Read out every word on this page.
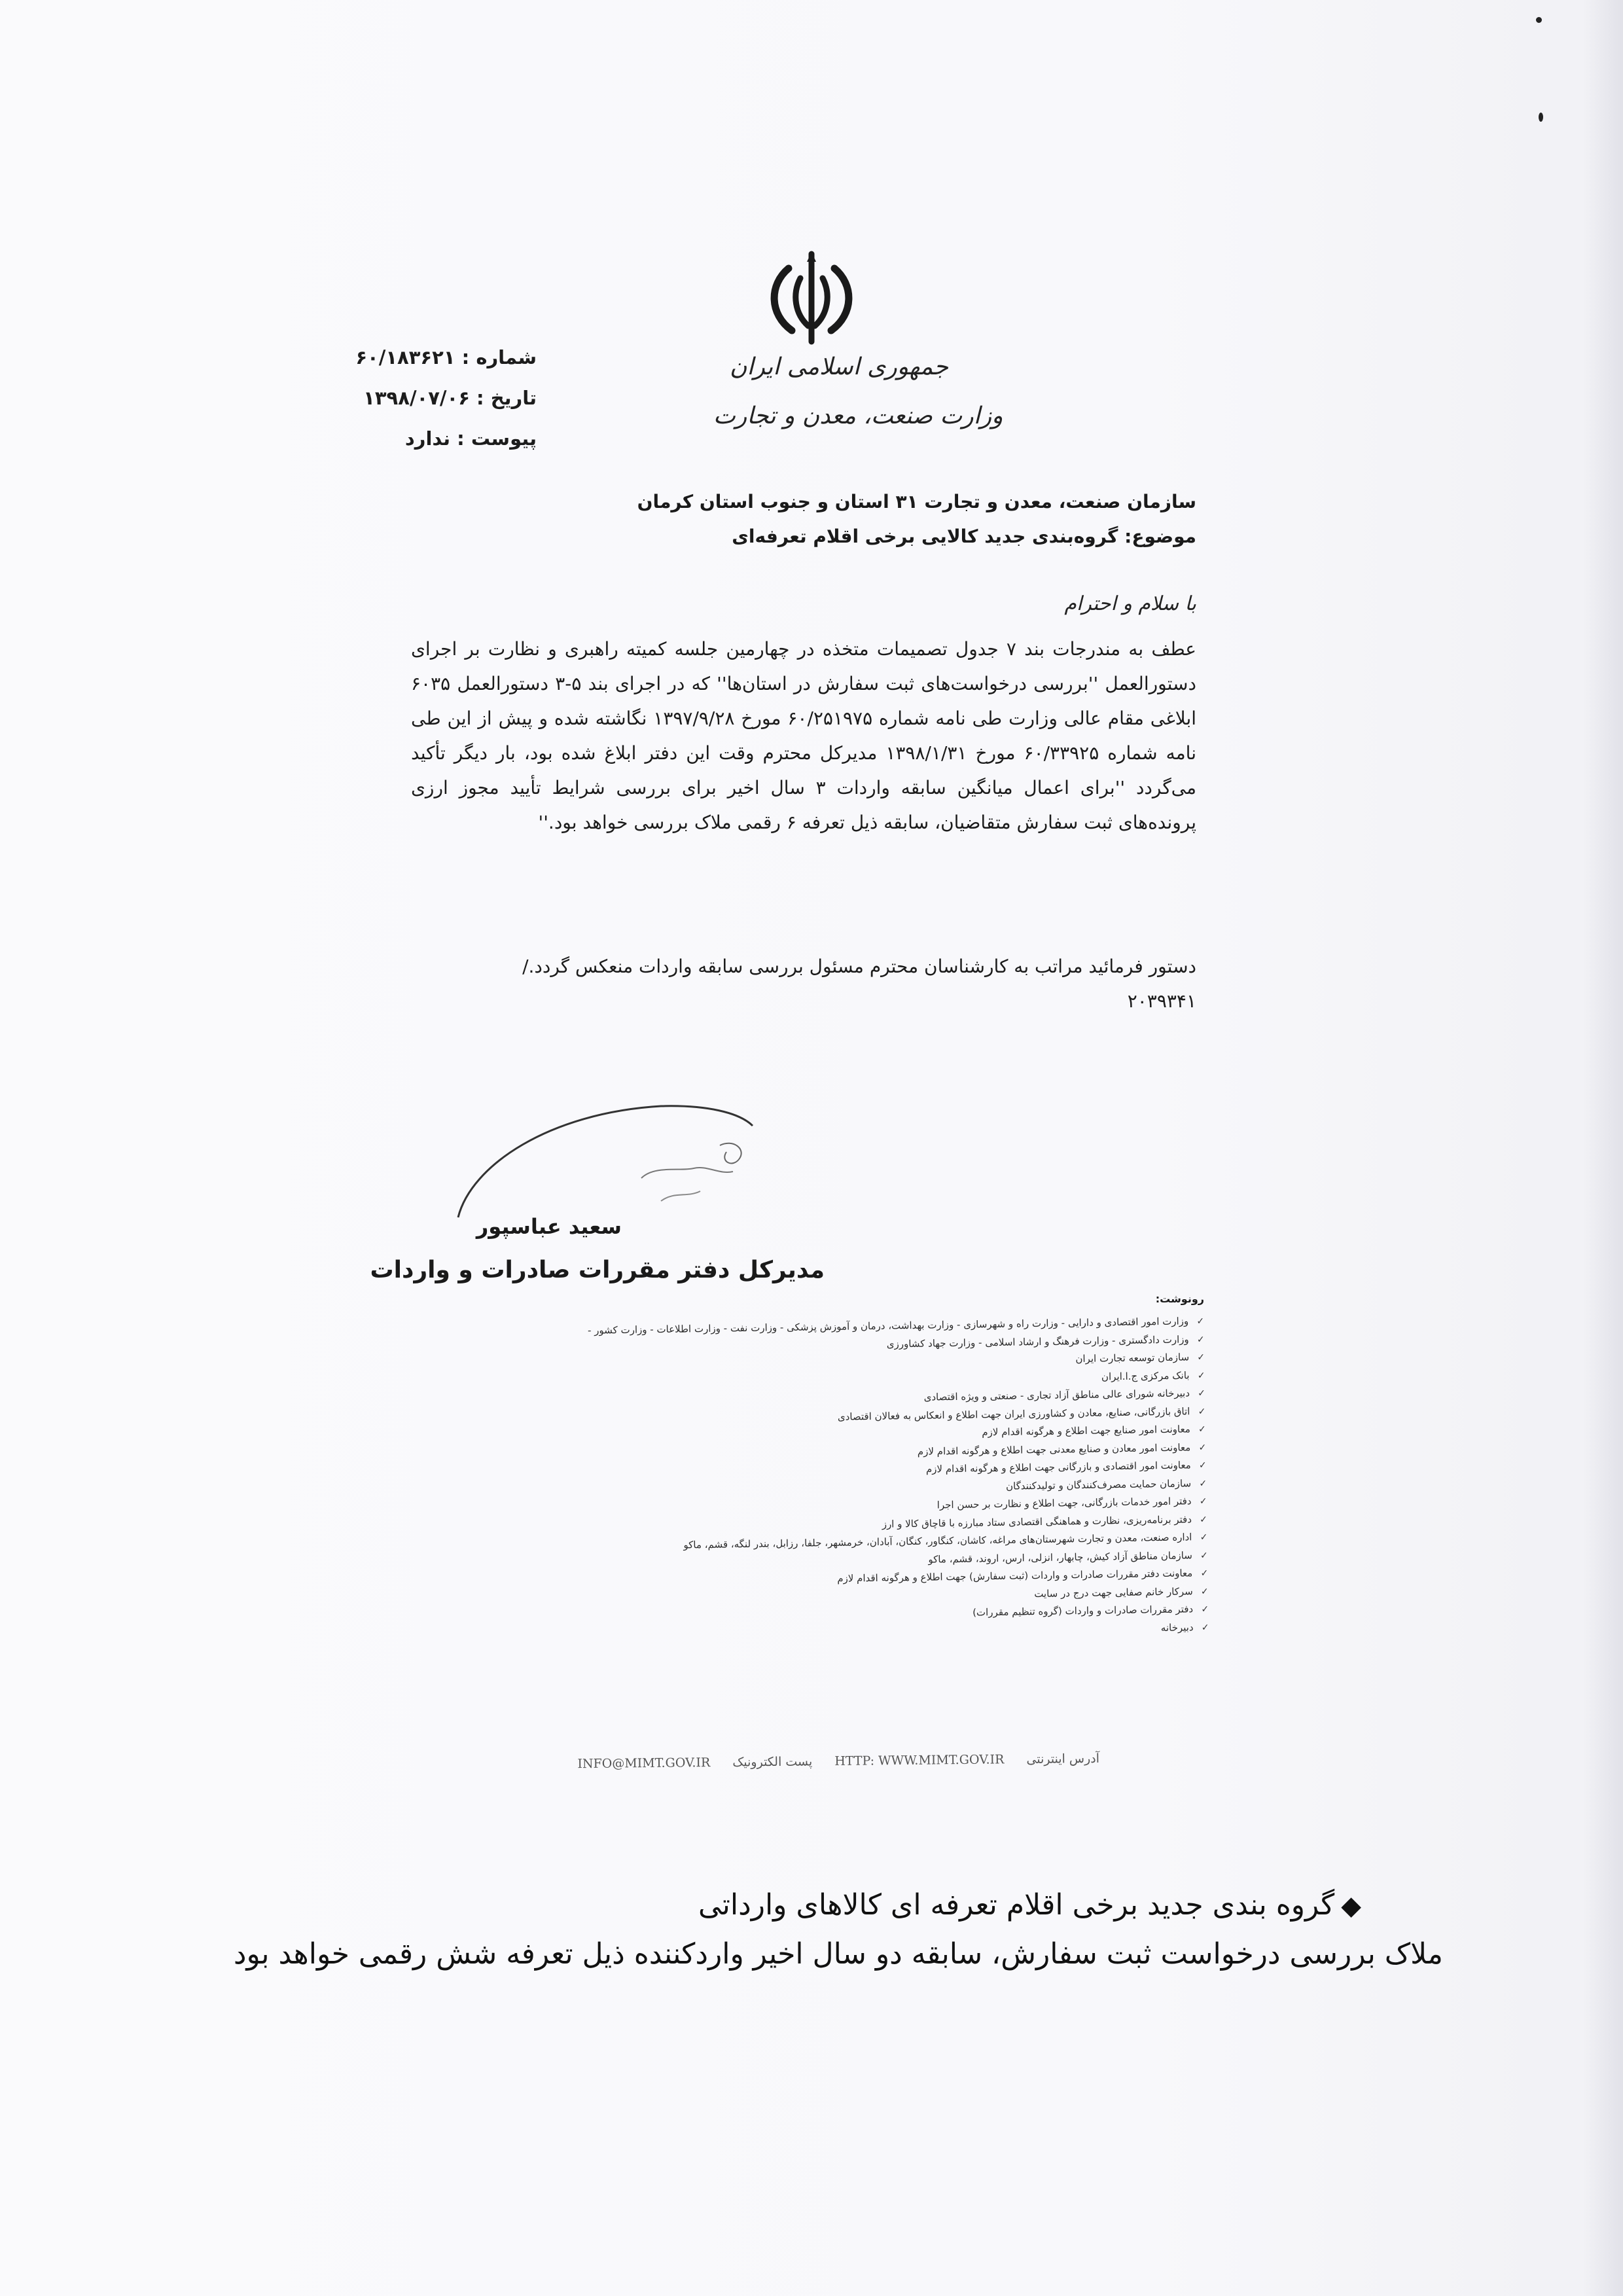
جمهوری اسلامی ایران
وزارت صنعت، معدن و تجارت
شماره : ۶۰/۱۸۳۶۲۱
تاریخ : ۱۳۹۸/۰۷/۰۶
پیوست : ندارد
سازمان صنعت، معدن و تجارت ۳۱ استان و جنوب استان کرمان
موضوع: گروه‌بندی جدید کالایی برخی اقلام تعرفه‌ای
با سلام و احترام
عطف به مندرجات بند ۷ جدول تصمیمات متخذه در چهارمین جلسه کمیته راهبری و نظارت بر اجرای دستورالعمل ''بررسی درخواست‌های ثبت سفارش در استان‌ها'' که در اجرای بند ۵-۳ دستورالعمل ۶۰۳۵ ابلاغی مقام عالی وزارت طی نامه شماره ۶۰/۲۵۱۹۷۵ مورخ ۱۳۹۷/۹/۲۸ نگاشته شده و پیش از این طی نامه شماره ۶۰/۳۳۹۲۵ مورخ ۱۳۹۸/۱/۳۱ مدیرکل محترم وقت این دفتر ابلاغ شده بود، بار دیگر تأکید می‌گردد ''برای اعمال میانگین سابقه واردات ۳ سال اخیر برای بررسی شرایط تأیید مجوز ارزی پرونده‌های ثبت سفارش متقاضیان، سابقه ذیل تعرفه ۶ رقمی ملاک بررسی خواهد بود.''
دستور فرمائید مراتب به کارشناسان محترم مسئول بررسی سابقه واردات منعکس گردد./
۲۰۳۹۳۴۱
سعید عباسپور
مدیرکل دفتر مقررات صادرات و واردات
رونوشت:
✓وزارت امور اقتصادی و دارایی - وزارت راه و شهرسازی - وزارت بهداشت، درمان و آموزش پزشکی - وزارت نفت - وزارت اطلاعات - وزارت کشور -
✓وزارت دادگستری - وزارت فرهنگ و ارشاد اسلامی - وزارت جهاد کشاورزی
✓سازمان توسعه تجارت ایران
✓بانک مرکزی ج.ا.ایران
✓دبیرخانه شورای عالی مناطق آزاد تجاری - صنعتی و ویژه اقتصادی
✓اتاق بازرگانی، صنایع، معادن و کشاورزی ایران جهت اطلاع و انعکاس به فعالان اقتصادی
✓معاونت امور صنایع جهت اطلاع و هرگونه اقدام لازم
✓معاونت امور معادن و صنایع معدنی جهت اطلاع و هرگونه اقدام لازم
✓معاونت امور اقتصادی و بازرگانی جهت اطلاع و هرگونه اقدام لازم
✓سازمان حمایت مصرف‌کنندگان و تولیدکنندگان
✓دفتر امور خدمات بازرگانی، جهت اطلاع و نظارت بر حسن اجرا
✓دفتر برنامه‌ریزی، نظارت و هماهنگی اقتصادی ستاد مبارزه با قاچاق کالا و ارز
✓اداره صنعت، معدن و تجارت شهرستان‌های مراغه، کاشان، کنگاور، کنگان، آبادان، خرمشهر، جلفا، رزابل، بندر لنگه، قشم، ماکو
✓سازمان مناطق آزاد کیش، چابهار، انزلی، ارس، اروند، قشم، ماکو
✓معاونت دفتر مقررات صادرات و واردات (ثبت سفارش) جهت اطلاع و هرگونه اقدام لازم
✓سرکار خانم صفایی جهت درج در سایت
✓دفتر مقررات صادرات و واردات (گروه تنظیم مقررات)
✓دبیرخانه
آدرس اینترنتی HTTP: WWW.MIMT.GOV.IR پست الکترونیک INFO@MIMT.GOV.IR
◆گروه بندی جدید برخی اقلام تعرفه ای کالاهای وارداتی
ملاک بررسی درخواست ثبت سفارش، سابقه دو سال اخیر واردکننده ذیل تعرفه شش رقمی خواهد بود
